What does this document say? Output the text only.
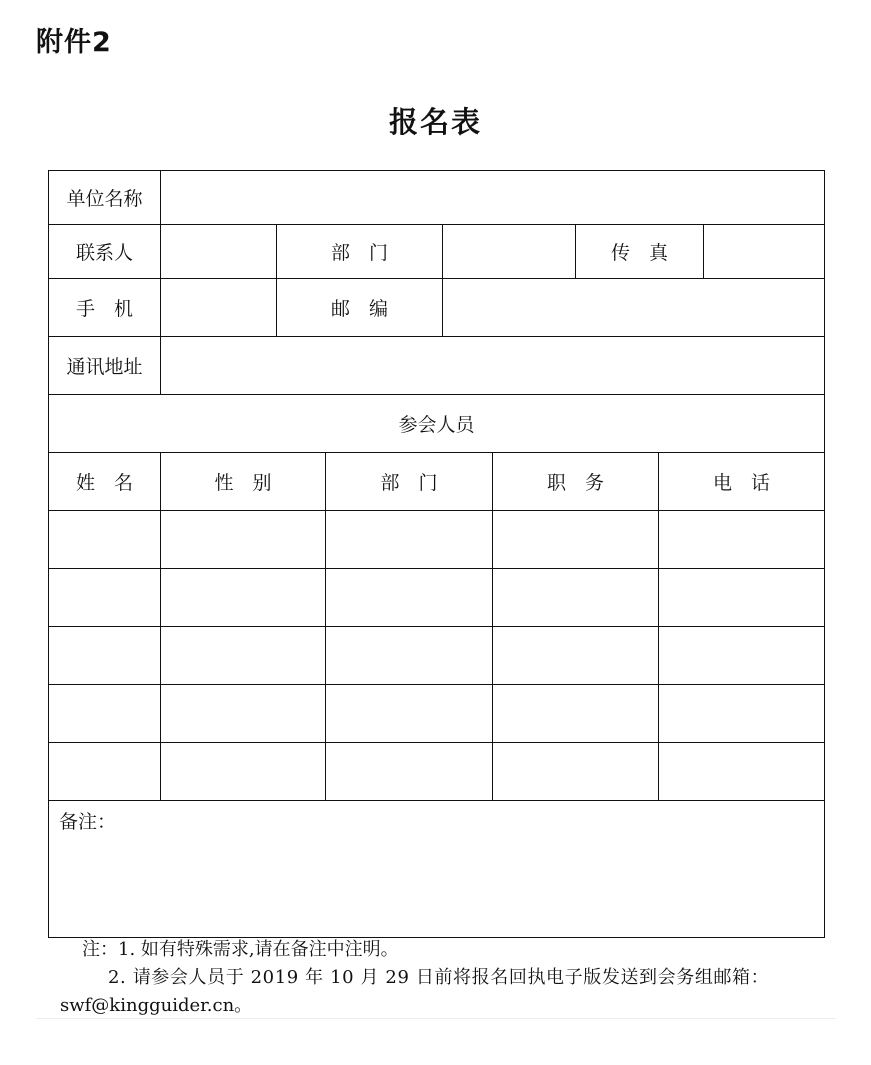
附件2
报名表
单位名称								
联系人		部　门				传　真		
手　机		邮　编						
通讯地址								
参会人员								
姓　名	性　别		部　门		职　务		电　话	

备注：								
注：1. 如有特殊需求,请在备注中注明。
2. 请参会人员于 2019 年 10 月 29 日前将报名回执电子版发送到会务组邮箱：
swf@kingguider.cn。
